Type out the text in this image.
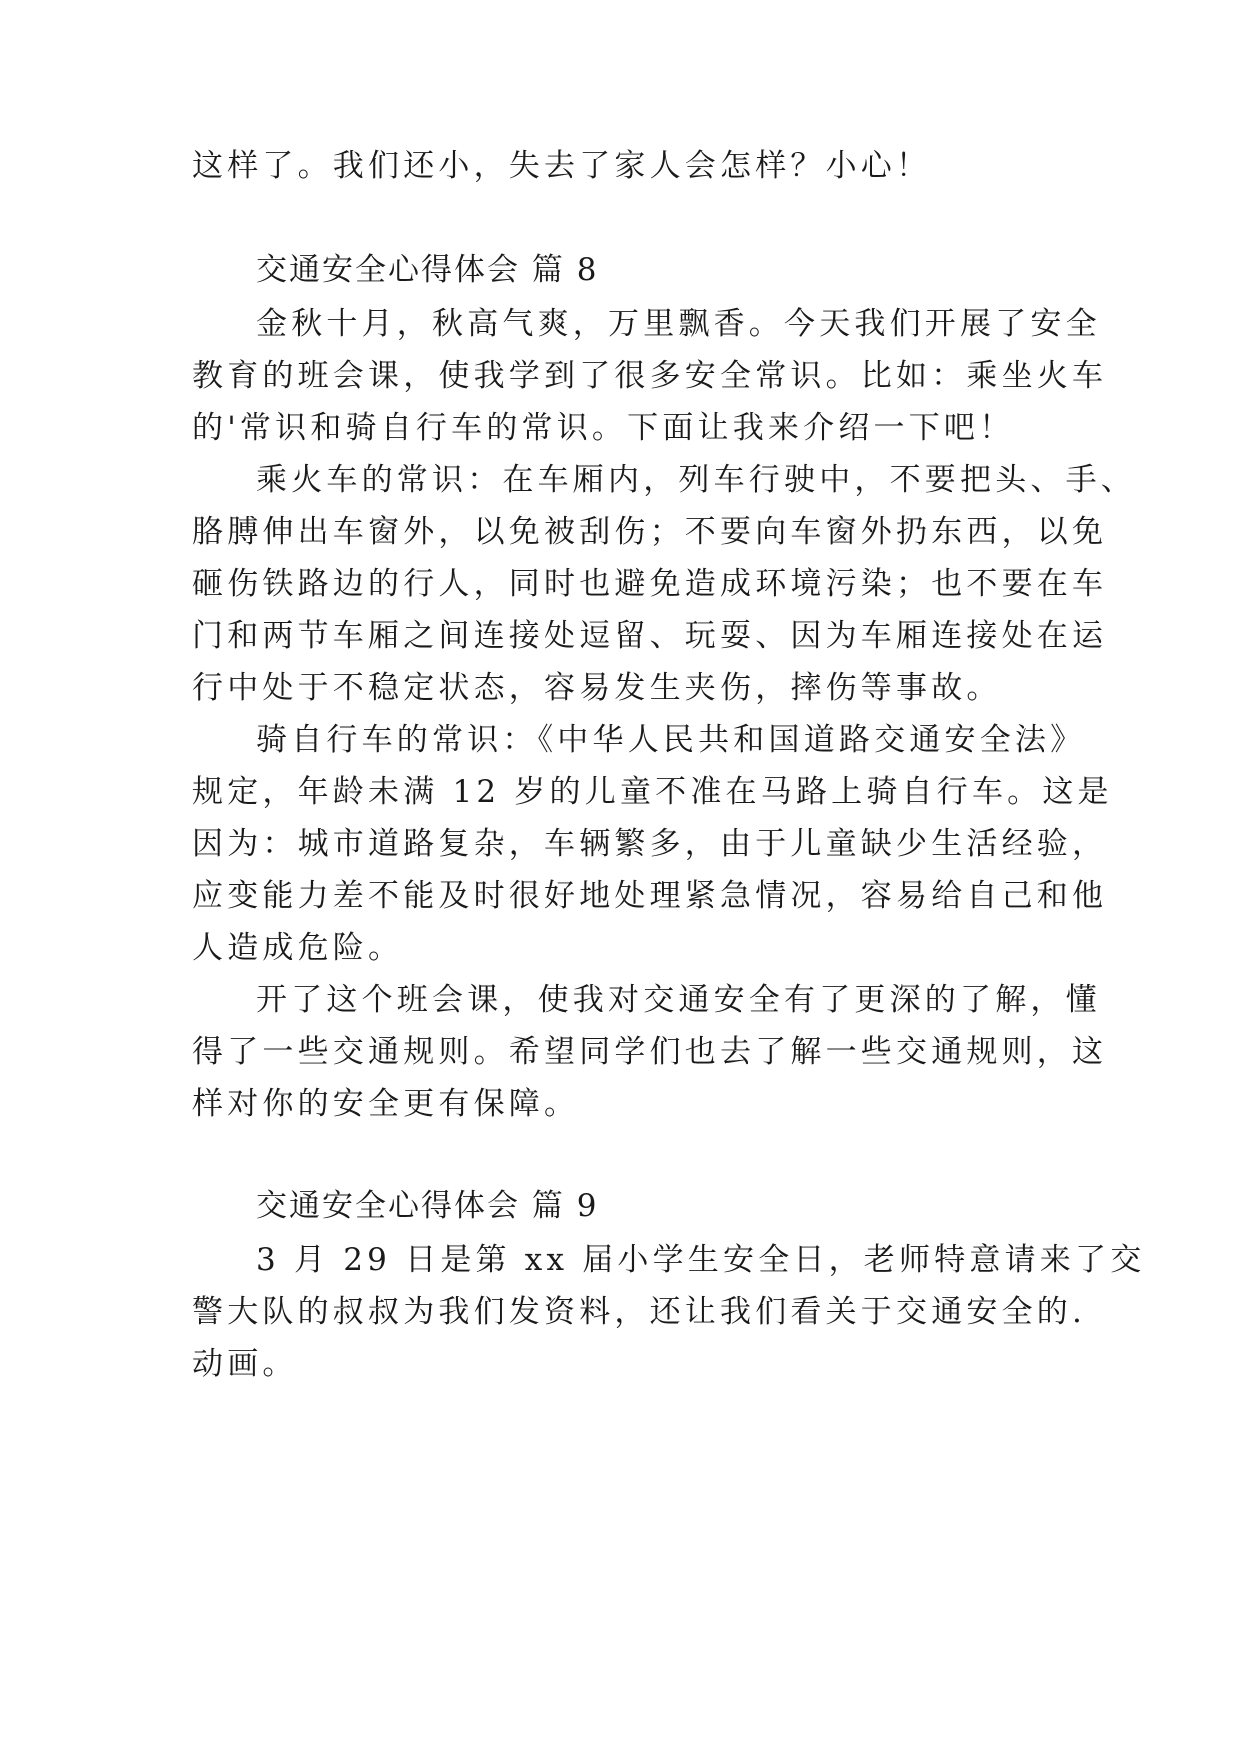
这样了。我们还小，失去了家人会怎样？小心！
交通安全心得体会 篇 8
金秋十月，秋高气爽，万里飘香。今天我们开展了安全
教育的班会课，使我学到了很多安全常识。比如：乘坐火车
的'常识和骑自行车的常识。下面让我来介绍一下吧！
乘火车的常识：在车厢内，列车行驶中，不要把头、手、
胳膊伸出车窗外，以免被刮伤；不要向车窗外扔东西，以免
砸伤铁路边的行人，同时也避免造成环境污染；也不要在车
门和两节车厢之间连接处逗留、玩耍、因为车厢连接处在运
行中处于不稳定状态，容易发生夹伤，摔伤等事故。
骑自行车的常识：《中华人民共和国道路交通安全法》
规定，年龄未满 12 岁的儿童不准在马路上骑自行车。这是
因为：城市道路复杂，车辆繁多，由于儿童缺少生活经验，
应变能力差不能及时很好地处理紧急情况，容易给自己和他
人造成危险。
开了这个班会课，使我对交通安全有了更深的了解，懂
得了一些交通规则。希望同学们也去了解一些交通规则，这
样对你的安全更有保障。
交通安全心得体会 篇 9
3 月 29 日是第 xx 届小学生安全日，老师特意请来了交
警大队的叔叔为我们发资料，还让我们看关于交通安全的.
动画。
